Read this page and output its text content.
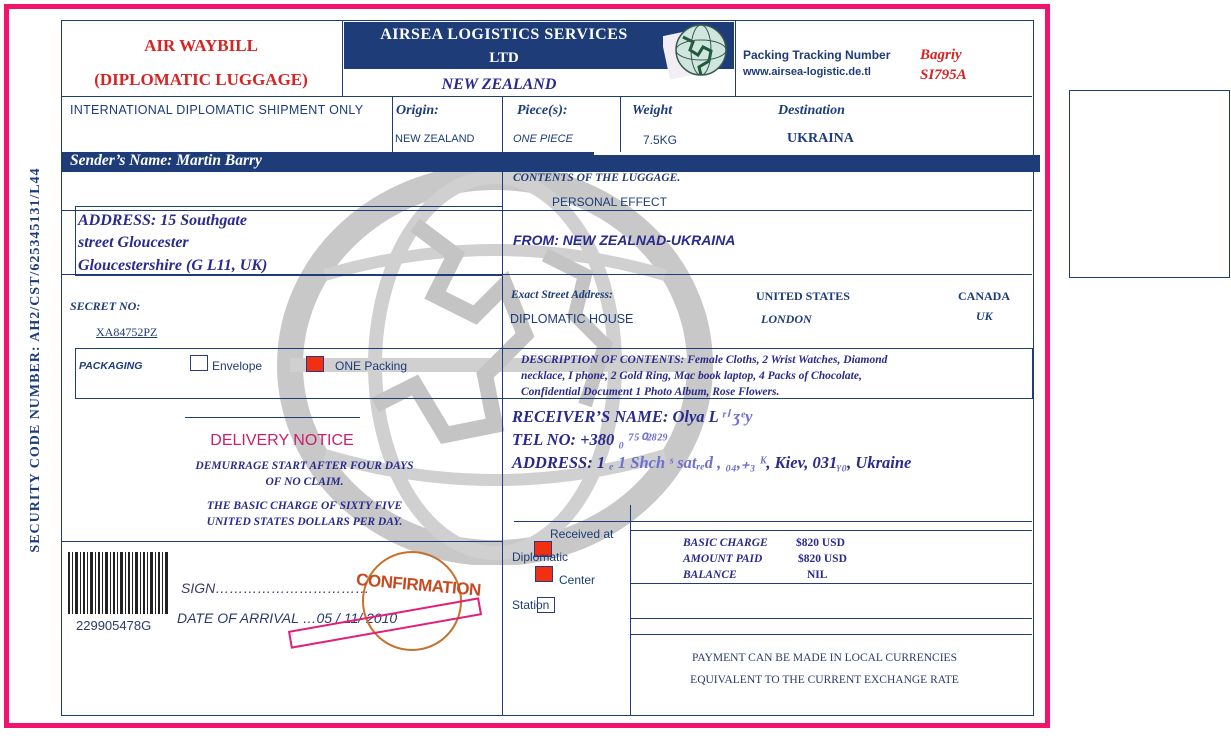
SECURITY CODE NUMBER: AH2/CST/625345131/L44
AIR WAYBILL
(DIPLOMATIC LUGGAGE)
AIRSEA LOGISTICS SERVICES
LTD
NEW ZEALAND
Packing Tracking Number
www.airsea-logistic.de.tl
Bagriy
SI795A
INTERNATIONAL DIPLOMATIC SHIPMENT ONLY Origin:
NEW ZEALAND
Piece(s):
ONE PIECE
Weight
7.5KG
Destination
UKRAINA
Sender’s Name: Martin Barry
CONTENTS OF THE LUGGAGE.
PERSONAL EFFECT
ADDRESS: 15 Southgate
street Gloucester
Gloucestershire (G L11, UK)
FROM: NEW ZEALNAD-UKRAINA
SECRET NO:
XA84752PZ
Exact Street Address:
DIPLOMATIC HOUSE
UNITED STATES
LONDON
CANADA
UK
PACKAGING	Envelope	ONE Packing	DESCRIPTION OF CONTENTS: Female Cloths, 2 Wrist Watches, Diamond
necklace, I phone, 2 Gold Ring, Mac book laptop, 4 Packs of Chocolate,
Confidential Document 1 Photo Album, Rose Flowers.
DELIVERY NOTICE
DEMURRAGE START AFTER FOUR DAYS
OF NO CLAIM.
THE BASIC CHARGE OF SIXTY FIVE
UNITED STATES DOLLARS PER DAY.
RECEIVER’S NAME: Olya L ʳⁱ ʒᵉy
TEL NO: +380 ₀ ⁷⁵⁰²⁸²⁹
ADDRESS: 1 ₑ 1 Shch ˢ satᵣₑd , ₀₄,₊₃ ᴷ, Kiev, 031ᵧ₀, Ukraine
229905478G
SIGN……………………………
DATE OF ARRIVAL …05 / 11/ 2010
CONFIRMATION
Received at
Diplomatic
Center
Station
BASIC CHARGE $820 USD
AMOUNT PAID	$820 USD
BALANCE	NIL
PAYMENT CAN BE MADE IN LOCAL CURRENCIES
EQUIVALENT TO THE CURRENT EXCHANGE RATE
